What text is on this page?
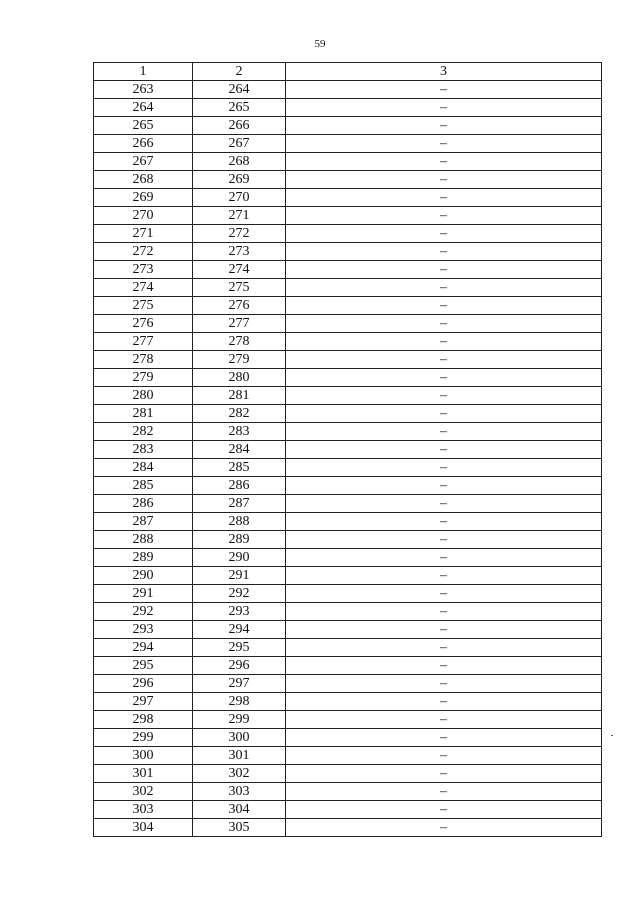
59
1	2	3
263	264	–
264	265	–
265	266	–
266	267	–
267	268	–
268	269	–
269	270	–
270	271	–
271	272	–
272	273	–
273	274	–
274	275	–
275	276	–
276	277	–
277	278	–
278	279	–
279	280	–
280	281	–
281	282	–
282	283	–
283	284	–
284	285	–
285	286	–
286	287	–
287	288	–
288	289	–
289	290	–
290	291	–
291	292	–
292	293	–
293	294	–
294	295	–
295	296	–
296	297	–
297	298	–
298	299	–
299	300	–
300	301	–
301	302	–
302	303	–
303	304	–
304	305	–
